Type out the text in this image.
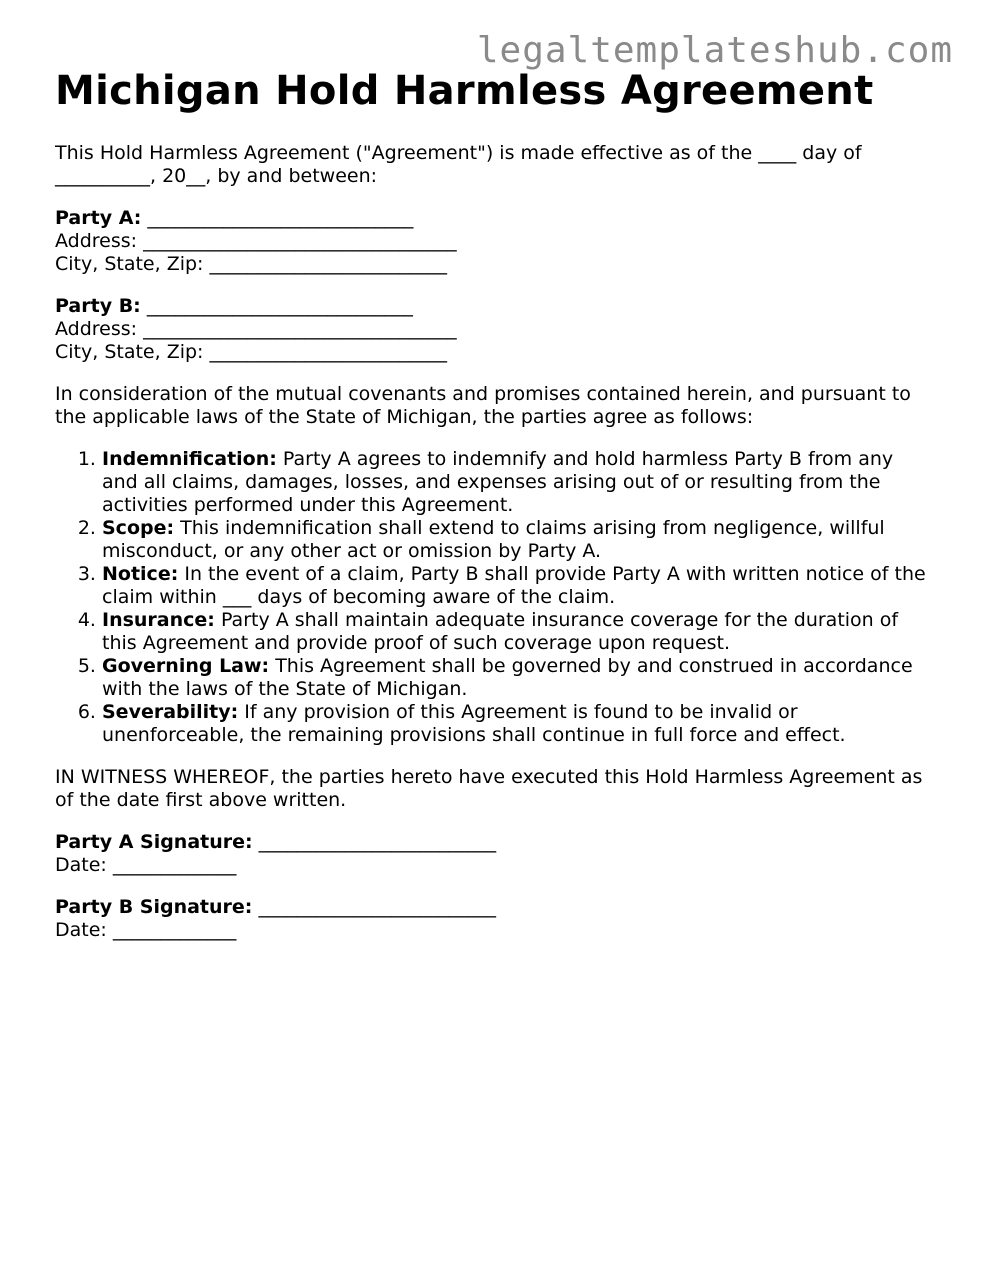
legaltemplateshub.com
Michigan Hold Harmless Agreement

This Hold Harmless Agreement ("Agreement") is made effective as of the ____ day of __________, 20__, by and between:

Party A: ____________________________
Address: _________________________________
City, State, Zip: _________________________
Party B: ____________________________
Address: _________________________________
City, State, Zip: _________________________

In consideration of the mutual covenants and promises contained herein, and pursuant to the applicable laws of the State of Michigan, the parties agree as follows:

1. Indemnification: Party A agrees to indemnify and hold harmless Party B from any and all claims, damages, losses, and expenses arising out of or resulting from the activities performed under this Agreement.
2. Scope: This indemnification shall extend to claims arising from negligence, willful misconduct, or any other act or omission by Party A.
3. Notice: In the event of a claim, Party B shall provide Party A with written notice of the claim within ___ days of becoming aware of the claim.
4. Insurance: Party A shall maintain adequate insurance coverage for the duration of this Agreement and provide proof of such coverage upon request.
5. Governing Law: This Agreement shall be governed by and construed in accordance with the laws of the State of Michigan.
6. Severability: If any provision of this Agreement is found to be invalid or unenforceable, the remaining provisions shall continue in full force and effect.

IN WITNESS WHEREOF, the parties hereto have executed this Hold Harmless Agreement as of the date first above written.

Party A Signature: _________________________
Date: _____________
Party B Signature: _________________________
Date: _____________
